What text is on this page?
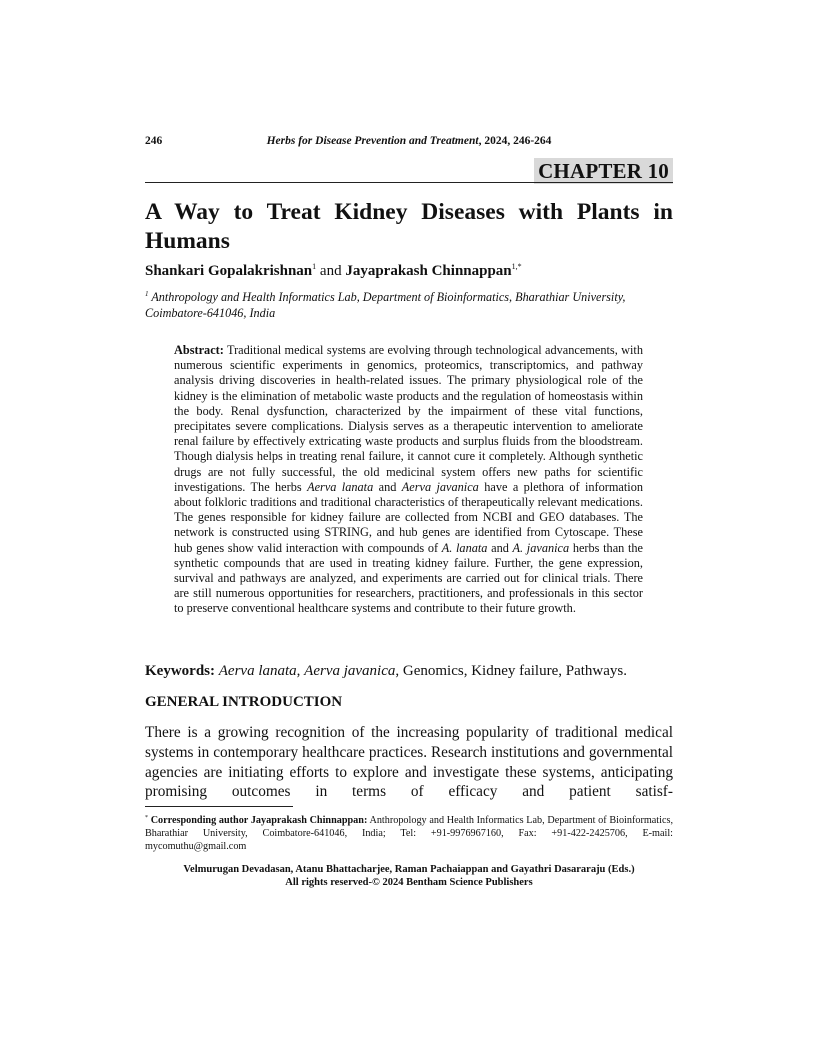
246	Herbs for Disease Prevention and Treatment, 2024, 246-264
CHAPTER 10
A Way to Treat Kidney Diseases with Plants in Humans
Shankari Gopalakrishnan$^1$ and Jayaprakash Chinnappan$^{1,*}$
$^1$ Anthropology and Health Informatics Lab, Department of Bioinformatics, Bharathiar University, Coimbatore-641046, India
Abstract: Traditional medical systems are evolving through technological advancements, with numerous scientific experiments in genomics, proteomics, transcriptomics, and pathway analysis driving discoveries in health-related issues. The primary physiological role of the kidney is the elimination of metabolic waste products and the regulation of homeostasis within the body. Renal dysfunction, characterized by the impairment of these vital functions, precipitates severe complications. Dialysis serves as a therapeutic intervention to ameliorate renal failure by effectively extricating waste products and surplus fluids from the bloodstream. Though dialysis helps in treating renal failure, it cannot cure it completely. Although synthetic drugs are not fully successful, the old medicinal system offers new paths for scientific investigations. The herbs Aerva lanata and Aerva javanica have a plethora of information about folkloric traditions and traditional characteristics of therapeutically relevant medications. The genes responsible for kidney failure are collected from NCBI and GEO databases. The network is constructed using STRING, and hub genes are identified from Cytoscape. These hub genes show valid interaction with compounds of A. lanata and A. javanica herbs than the synthetic compounds that are used in treating kidney failure. Further, the gene expression, survival and pathways are analyzed, and experiments are carried out for clinical trials. There are still numerous opportunities for researchers, practitioners, and professionals in this sector to preserve conventional healthcare systems and contribute to their future growth.
Keywords: Aerva lanata, Aerva javanica, Genomics, Kidney failure, Pathways.
GENERAL INTRODUCTION
There is a growing recognition of the increasing popularity of traditional medical systems in contemporary healthcare practices. Research institutions and governmental agencies are initiating efforts to explore and investigate these systems, anticipating promising outcomes in terms of efficacy and patient satisf-
* Corresponding author Jayaprakash Chinnappan: Anthropology and Health Informatics Lab, Department of Bioinformatics, Bharathiar University, Coimbatore-641046, India; Tel: +91-9976967160, Fax: +91-422-2425706, E-mail: mycomuthu@gmail.com
Velmurugan Devadasan, Atanu Bhattacharjee, Raman Pachaiappan and Gayathri Dasararaju (Eds.)
All rights reserved-© 2024 Bentham Science Publishers
